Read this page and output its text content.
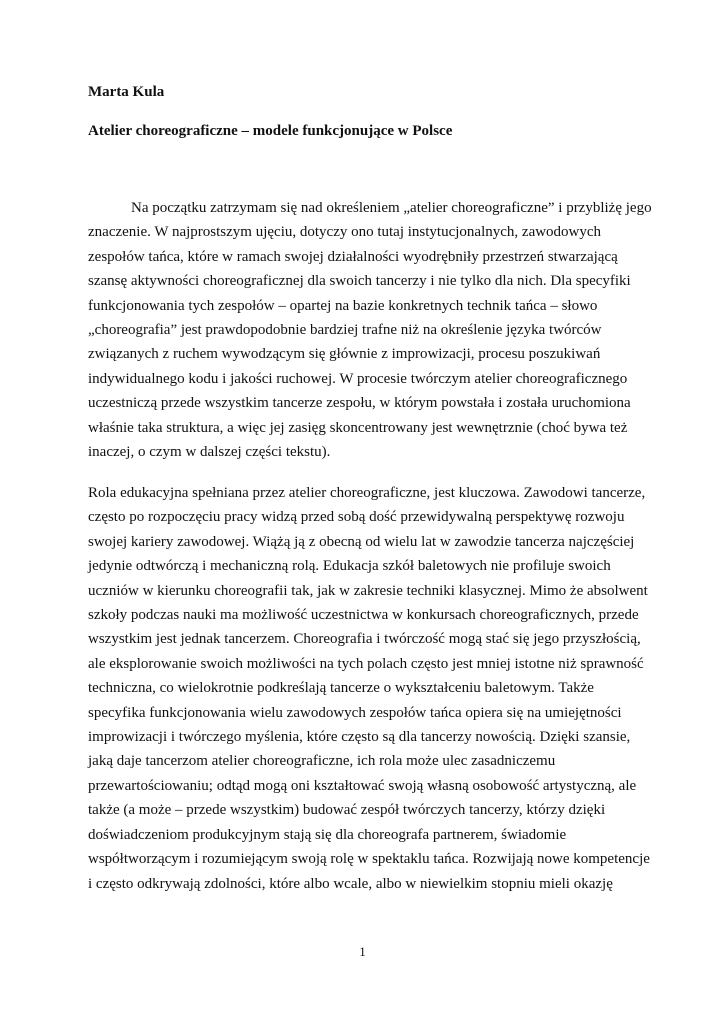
Marta Kula

Atelier choreograficzne – modele funkcjonujące w Polsce

Na początku zatrzymam się nad określeniem „atelier choreograficzne” i przybliżę jego
znaczenie. W najprostszym ujęciu, dotyczy ono tutaj instytucjonalnych, zawodowych
zespołów tańca, które w ramach swojej działalności wyodrębniły przestrzeń stwarzającą
szansę aktywności choreograficznej dla swoich tancerzy i nie tylko dla nich. Dla specyfiki
funkcjonowania tych zespołów – opartej na bazie konkretnych technik tańca – słowo
„choreografia” jest prawdopodobnie bardziej trafne niż na określenie języka twórców
związanych z ruchem wywodzącym się głównie z improwizacji, procesu poszukiwań
indywidualnego kodu i jakości ruchowej. W procesie twórczym atelier choreograficznego
uczestniczą przede wszystkim tancerze zespołu, w którym powstała i została uruchomiona
właśnie taka struktura, a więc jej zasięg skoncentrowany jest wewnętrznie (choć bywa też
inaczej, o czym w dalszej części tekstu).

Rola edukacyjna spełniana przez atelier choreograficzne, jest kluczowa. Zawodowi tancerze,
często po rozpoczęciu pracy widzą przed sobą dość przewidywalną perspektywę rozwoju
swojej kariery zawodowej. Wiążą ją z obecną od wielu lat w zawodzie tancerza najczęściej
jedynie odtwórczą i mechaniczną rolą. Edukacja szkół baletowych nie profiluje swoich
uczniów w kierunku choreografii tak, jak w zakresie techniki klasycznej. Mimo że absolwent
szkoły podczas nauki ma możliwość uczestnictwa w konkursach choreograficznych, przede
wszystkim jest jednak tancerzem. Choreografia i twórczość mogą stać się jego przyszłością,
ale eksplorowanie swoich możliwości na tych polach często jest mniej istotne niż sprawność
techniczna, co wielokrotnie podkreślają tancerze o wykształceniu baletowym. Także
specyfika funkcjonowania wielu zawodowych zespołów tańca opiera się na umiejętności
improwizacji i twórczego myślenia, które często są dla tancerzy nowością. Dzięki szansie,
jaką daje tancerzom atelier choreograficzne, ich rola może ulec zasadniczemu
przewartościowaniu; odtąd mogą oni kształtować swoją własną osobowość artystyczną, ale
także (a może – przede wszystkim) budować zespół twórczych tancerzy, którzy dzięki
doświadczeniom produkcyjnym stają się dla choreografa partnerem, świadomie
współtworzącym i rozumiejącym swoją rolę w spektaklu tańca. Rozwijają nowe kompetencje
i często odkrywają zdolności, które albo wcale, albo w niewielkim stopniu mieli okazję

1
